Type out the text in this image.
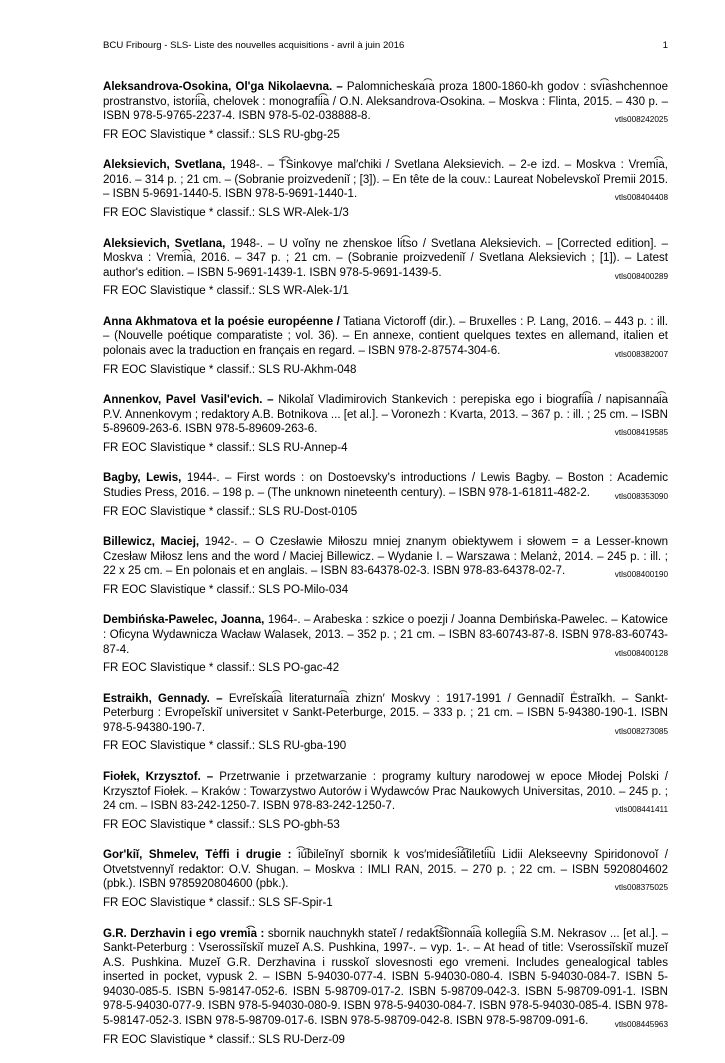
BCU Fribourg - SLS- Liste des nouvelles acquisitions - avril à juin 2016	1
Aleksandrova-Osokina, Ol'ga Nikolaevna. – Palomnicheskaı͡a proza 1800-1860-kh godov : svı͡ashchennoe prostranstvo, istorii͡a, chelovek : monografii͡a / O.N. Aleksandrova-Osokina. – Moskva : Flinta, 2015. – 430 p. – ISBN 978-5-9765-2237-4. ISBN 978-5-02-038888-8.	vtls008242025
FR EOC Slavistique * classif.: SLS RU-gbg-25
Aleksievich, Svetlana, 1948-. – T͡Sinkovye mal′chiki / Svetlana Aleksievich. – 2-e izd. – Moskva : Vremi͡a, 2016. – 314 p. ; 21 cm. – (Sobranie proizvedeniĭ ; [3]). – En tête de la couv.: Laureat Nobelevskoĭ Premii 2015. – ISBN 5-9691-1440-5. ISBN 978-5-9691-1440-1.	vtls008404408
FR EOC Slavistique * classif.: SLS WR-Alek-1/3
Aleksievich, Svetlana, 1948-. – U voĭny ne zhenskoe lit͡so / Svetlana Aleksievich. – [Corrected edition]. – Moskva : Vremi͡a, 2016. – 347 p. ; 21 cm. – (Sobranie proizvedeniĭ / Svetlana Aleksievich ; [1]). – Latest author's edition. – ISBN 5-9691-1439-1. ISBN 978-5-9691-1439-5.	vtls008400289
FR EOC Slavistique * classif.: SLS WR-Alek-1/1
Anna Akhmatova et la poésie européenne / Tatiana Victoroff (dir.). – Bruxelles : P. Lang, 2016. – 443 p. : ill. – (Nouvelle poétique comparatiste ; vol. 36). – En annexe, contient quelques textes en allemand, italien et polonais avec la traduction en français en regard. – ISBN 978-2-87574-304-6.	vtls008382007
FR EOC Slavistique * classif.: SLS RU-Akhm-048
Annenkov, Pavel Vasil'evich. – Nikolaĭ Vladimirovich Stankevich : perepiska ego i biografii͡a / napisannai͡a P.V. Annenkovym ; redaktory A.B. Botnikova ... [et al.]. – Voronezh : Kvarta, 2013. – 367 p. : ill. ; 25 cm. – ISBN 5-89609-263-6. ISBN 978-5-89609-263-6.	vtls008419585
FR EOC Slavistique * classif.: SLS RU-Annep-4
Bagby, Lewis, 1944-. – First words : on Dostoevsky's introductions / Lewis Bagby. – Boston : Academic Studies Press, 2016. – 198 p. – (The unknown nineteenth century). – ISBN 978-1-61811-482-2.	vtls008353090
FR EOC Slavistique * classif.: SLS RU-Dost-0105
Billewicz, Maciej, 1942-. – O Czesławie Miłoszu mniej znanym obiektywem i słowem = a Lesser-known Czesław Miłosz lens and the word / Maciej Billewicz. – Wydanie I. – Warszawa : Melanż, 2014. – 245 p. : ill. ; 22 x 25 cm. – En polonais et en anglais. – ISBN 83-64378-02-3. ISBN 978-83-64378-02-7.	vtls008400190
FR EOC Slavistique * classif.: SLS PO-Milo-034
Dembińska-Pawelec, Joanna, 1964-. – Arabeska : szkice o poezji / Joanna Dembińska-Pawelec. – Katowice : Oficyna Wydawnicza Wacław Walasek, 2013. – 352 p. ; 21 cm. – ISBN 83-60743-87-8. ISBN 978-83-60743-87-4.	vtls008400128
FR EOC Slavistique * classif.: SLS PO-gac-42
Estraikh, Gennady. – Evreĭskai͡a literaturnai͡a zhizn′ Moskvy : 1917-1991 / Gennadiĭ Ėstraĭkh. – Sankt-Peterburg : Evropeĭskiĭ universitet v Sankt-Peterburge, 2015. – 333 p. ; 21 cm. – ISBN 5-94380-190-1. ISBN 978-5-94380-190-7.	vtls008273085
FR EOC Slavistique * classif.: SLS RU-gba-190
Fiołek, Krzysztof. – Przetrwanie i przetwarzanie : programy kultury narodowej w epoce Młodej Polski / Krzysztof Fiołek. – Kraków : Towarzystwo Autorów i Wydawców Prac Naukowych Universitas, 2010. – 245 p. ; 24 cm. – ISBN 83-242-1250-7. ISBN 978-83-242-1250-7.	vtls008441411
FR EOC Slavistique * classif.: SLS PO-gbh-53
Gor'kiĭ, Shmelev, Tėffi i drugie : i͡u͡bileĭnyĭ sbornik k vos′midesi͡a͡tiletii͡u Lidii Alekseevny Spiridonovoĭ / Otvetstvennyĭ redaktor: O.V. Shugan. – Moskva : IMLI RAN, 2015. – 270 p. ; 22 cm. – ISBN 5920804602 (pbk.). ISBN 9785920804600 (pbk.).	vtls008375025
FR EOC Slavistique * classif.: SLS SF-Spir-1
G.R. Derzhavin i ego vremi͡a : sbornik nauchnykh stateĭ / redakt͡s͡ionnai͡a kollegii͡a S.M. Nekrasov ... [et al.]. – Sankt-Peterburg : Vserossiĭskiĭ muzeĭ A.S. Pushkina, 1997-. – vyp. 1-. – At head of title: Vserossiĭskiĭ muzeĭ A.S. Pushkina. Muzeĭ G.R. Derzhavina i russkoĭ slovesnosti ego vremeni. Includes genealogical tables inserted in pocket, vypusk 2. – ISBN 5-94030-077-4. ISBN 5-94030-080-4. ISBN 5-94030-084-7. ISBN 5-94030-085-5. ISBN 5-98147-052-6. ISBN 5-98709-017-2. ISBN 5-98709-042-3. ISBN 5-98709-091-1. ISBN 978-5-94030-077-9. ISBN 978-5-94030-080-9. ISBN 978-5-94030-084-7. ISBN 978-5-94030-085-4. ISBN 978-5-98147-052-3. ISBN 978-5-98709-017-6. ISBN 978-5-98709-042-8. ISBN 978-5-98709-091-6.	vtls008445963
FR EOC Slavistique * classif.: SLS RU-Derz-09
